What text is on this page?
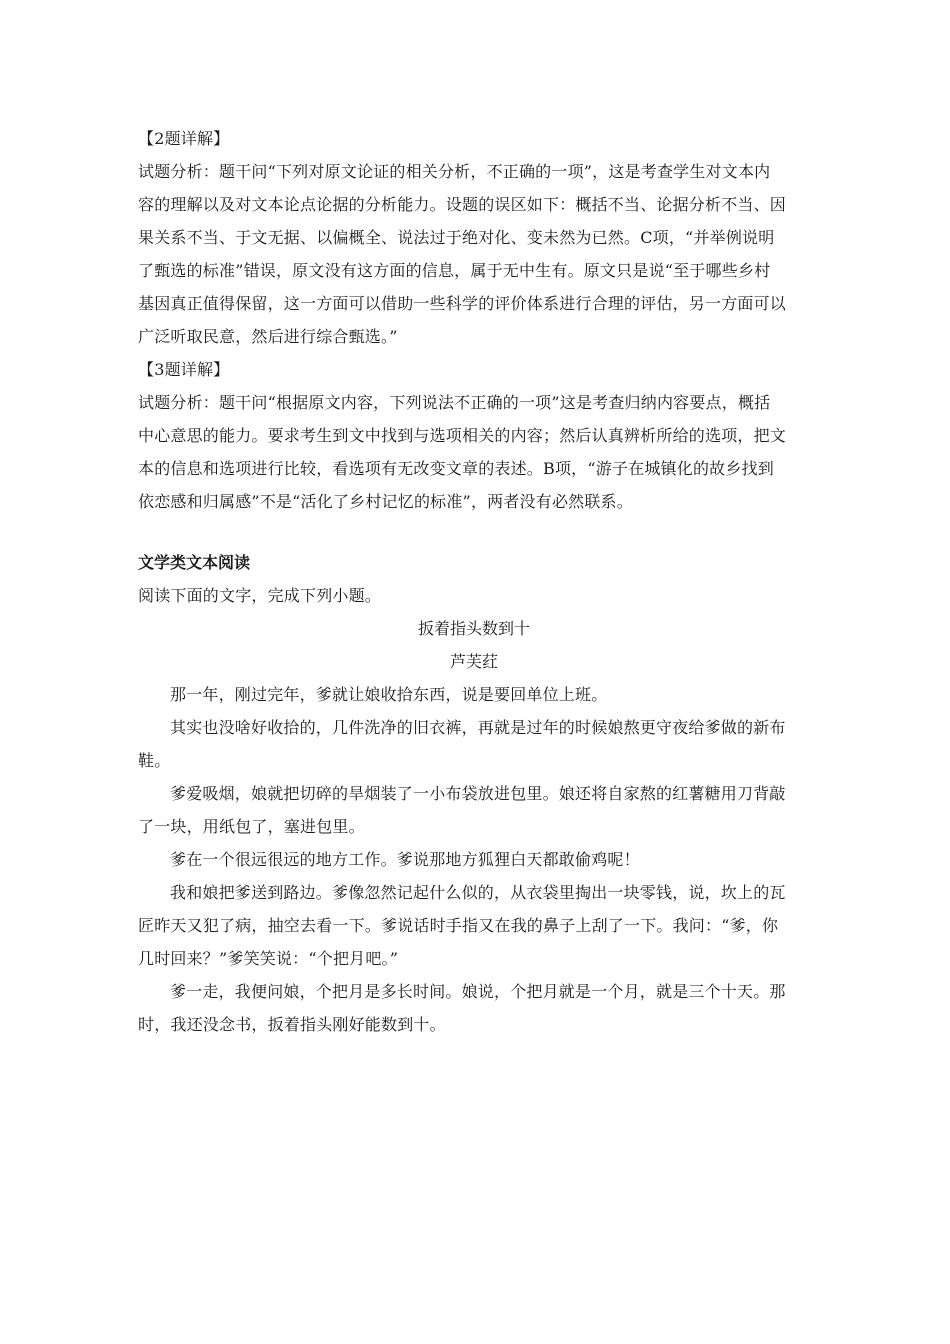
【2题详解】
试题分析：题干问“下列对原文论证的相关分析，不正确的一项”，这是考查学生对文本内
容的理解以及对文本论点论据的分析能力。设题的误区如下：概括不当、论据分析不当、因
果关系不当、于文无据、以偏概全、说法过于绝对化、变未然为已然。C项，“并举例说明
了甄选的标准”错误，原文没有这方面的信息，属于无中生有。原文只是说“至于哪些乡村
基因真正值得保留，这一方面可以借助一些科学的评价体系进行合理的评估，另一方面可以
广泛听取民意，然后进行综合甄选。”
【3题详解】
试题分析：题干问“根据原文内容，下列说法不正确的一项”这是考查归纳内容要点，概括
中心意思的能力。要求考生到文中找到与选项相关的内容；然后认真辨析所给的选项，把文
本的信息和选项进行比较，看选项有无改变文章的表述。B项，“游子在城镇化的故乡找到
依恋感和归属感”不是“活化了乡村记忆的标准”，两者没有必然联系。
文学类文本阅读
阅读下面的文字，完成下列小题。
扳着指头数到十
芦芙荭
那一年，刚过完年，爹就让娘收拾东西，说是要回单位上班。
其实也没啥好收拾的，几件洗净的旧衣裤，再就是过年的时候娘熬更守夜给爹做的新布
鞋。
爹爱吸烟，娘就把切碎的旱烟装了一小布袋放进包里。娘还将自家熬的红薯糖用刀背敲
了一块，用纸包了，塞进包里。
爹在一个很远很远的地方工作。爹说那地方狐狸白天都敢偷鸡呢！
我和娘把爹送到路边。爹像忽然记起什么似的，从衣袋里掏出一块零钱，说，坎上的瓦
匠昨天又犯了病，抽空去看一下。爹说话时手指又在我的鼻子上刮了一下。我问：“爹，你
几时回来？”爹笑笑说：“个把月吧。”
爹一走，我便问娘，个把月是多长时间。娘说，个把月就是一个月，就是三个十天。那
时，我还没念书，扳着指头刚好能数到十。
